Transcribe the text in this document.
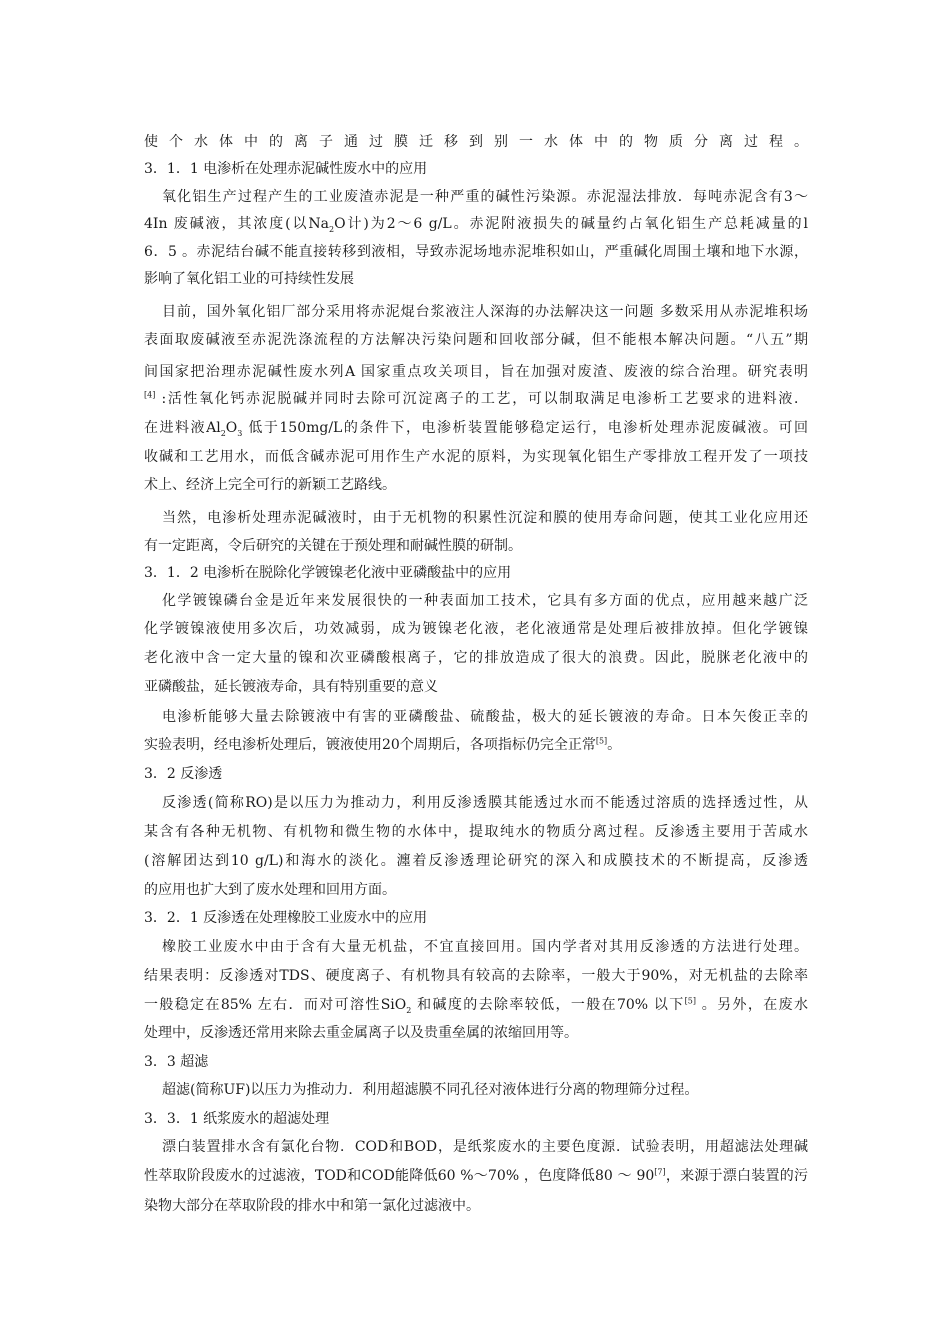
使个水体中的离子通过膜迁移到别一水体中的物质分离过程。
3．1．1 电渗析在处理赤泥碱性废水中的应用
氧化铝生产过程产生的工业废渣赤泥是一种严重的碱性污染源。赤泥湿法排放．每吨赤泥含有3～
4In 废碱液，其浓度(以$Na_2O$计)为2～6 g/L。赤泥附液损失的碱量约占氧化铝生产总耗减量的l
6．5 。赤泥结台碱不能直接转移到液相，导致赤泥场地赤泥堆积如山，严重碱化周围土壤和地下水源，
影响了氧化铝工业的可持续性发展
目前，国外氧化铝厂部分采用将赤泥焜台浆液注人深海的办法解决这一问题 多数采用从赤泥堆积场
表面取废碱液至赤泥洗涤流程的方法解决污染问题和回收部分碱，但不能根本解决问题。“八五”期
间国家把治理赤泥碱性废水列A 国家重点攻关项目，旨在加强对废渣、废液的综合治理。研究表明
[4] :活性氧化钙赤泥脱碱并同时去除可沉淀离子的工艺，可以制取满足电渗析工艺要求的进料液．
在进料液$Al_2O_3$ 低于150mg/L的条件下，电渗析装置能够稳定运行，电渗析处理赤泥废碱液。可回
收碱和工艺用水，而低含碱赤泥可用作生产水泥的原料，为实现氧化铝生产零排放工程开发了一项技
术上、经济上完全可行的新颖工艺路线。
当然，电渗析处理赤泥碱液时，由于无机物的积累性沉淀和膜的使用寿命问题，使其工业化应用还
有一定距离，令后研究的关键在于预处理和耐碱性膜的研制。
3．1．2 电渗析在脱除化学镀镍老化液中亚磷酸盐中的应用
化学镀镍磷台金是近年来发展很快的一种表面加工技术，它具有多方面的优点，应用越来越广泛
化学镀镍液使用多次后，功效减弱，成为镀镍老化液，老化液通常是处理后被排放掉。但化学镀镍
老化液中含一定大量的镍和次亚磷酸根离子，它的排放造成了很大的浪费。因此，脱脒老化液中的
亚磷酸盐，延长镀液寿命，具有特别重要的意义
电渗析能够大量去除镀液中有害的亚磷酸盐、硫酸盐，极大的延长镀液的寿命。日本矢俊正幸的
实验表明，经电渗析处理后，镀液使用20个周期后，各项指标仍完全正常[5]。
3．2 反渗透
反渗透(简称RO)是以压力为推动力，利用反渗透膜其能透过水而不能透过溶质的选择透过性，从
某含有各种无机物、有机物和微生物的水体中，提取纯水的物质分离过程。反渗透主要用于苦咸水
(溶解团达到10 g/L)和海水的淡化。瀍着反渗透理论研究的深入和成膜技术的不断提高，反渗透
的应用也扩大到了废水处理和回用方面。
3．2．1 反渗透在处理橡胶工业废水中的应用
橡胶工业废水中由于含有大量无机盐，不宜直接回用。国内学者对其用反渗透的方法进行处理。
结果表明：反渗透对TDS、硬度离子、有机物具有较高的去除率，一般大于90%，对无机盐的去除率
一般稳定在85% 左右．而对可溶性SiO$_2$ 和碱度的去除率较低，一般在70% 以下[5] 。另外，在废水
处理中，反渗透还常用来除去重金属离子以及贵重垒属的浓缩回用等。
3．3 超滤
超滤(简称UF)以压力为推动力．利用超滤膜不同孔径对液体进行分离的物理筛分过程。
3．3．1 纸浆废水的超滤处理
漂白装置排水含有氯化台物．COD和BOD，是纸浆废水的主要色度源．试验表明，用超滤法处理碱
性萃取阶段废水的过滤液，TOD和COD能降低60 %～70% ，色度降低80 ～ 90[7]，来源于漂白装置的污
染物大部分在萃取阶段的排水中和第一氯化过滤液中。
